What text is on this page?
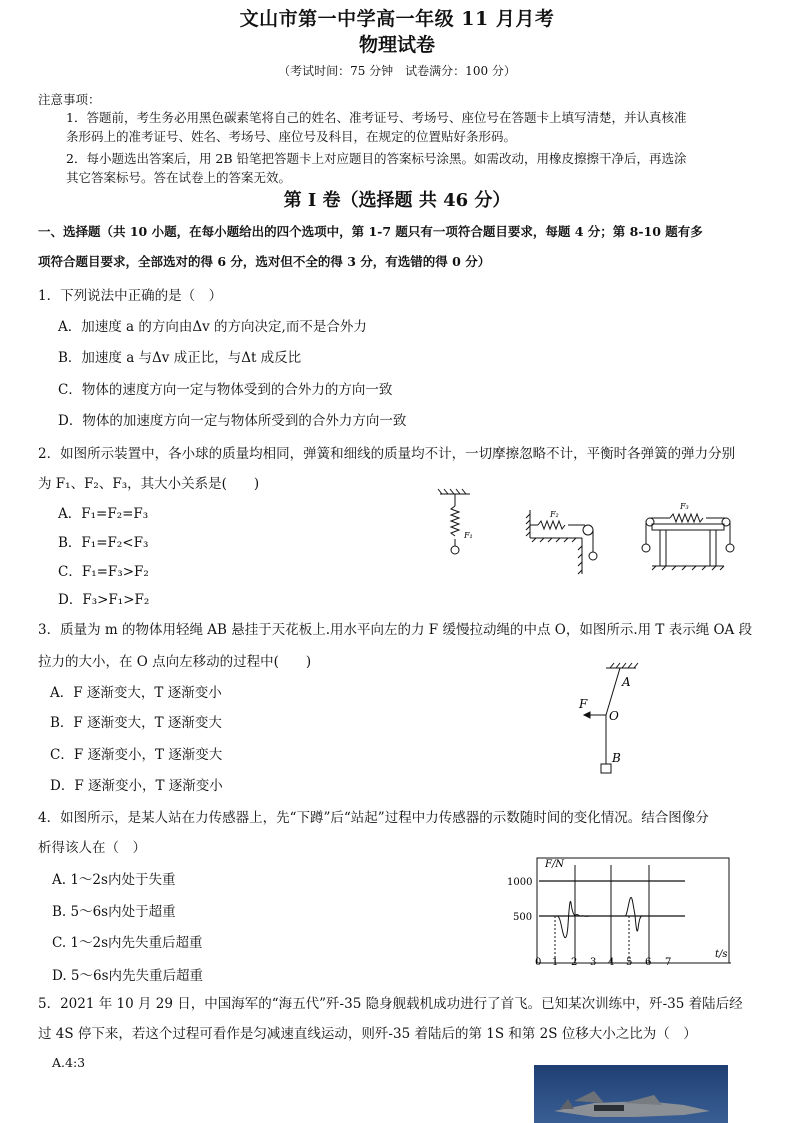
文山市第一中学高一年级 11 月月考
物理试卷
（考试时间：75 分钟　试卷满分：100 分）
注意事项：
1．答题前，考生务必用黑色碳素笔将自己的姓名、准考证号、考场号、座位号在答题卡上填写清楚，并认真核准
条形码上的准考证号、姓名、考场号、座位号及科目，在规定的位置贴好条形码。
2．每小题选出答案后，用 2B 铅笔把答题卡上对应题目的答案标号涂黑。如需改动，用橡皮擦擦干净后，再选涂
其它答案标号。答在试卷上的答案无效。
第 I 卷（选择题 共 46 分）
一、选择题（共 10 小题，在每小题给出的四个选项中，第 1-7 题只有一项符合题目要求，每题 4 分；第 8-10 题有多
项符合题目要求，全部选对的得 6 分，选对但不全的得 3 分，有选错的得 0 分）
1．下列说法中正确的是（　）
A．加速度 a 的方向由Δv 的方向决定,而不是合外力
B．加速度 a 与Δv 成正比，与Δt 成反比
C．物体的速度方向一定与物体受到的合外力的方向一致
D．物体的加速度方向一定与物体所受到的合外力方向一致
2．如图所示装置中，各小球的质量均相同，弹簧和细线的质量均不计，一切摩擦忽略不计，平衡时各弹簧的弹力分别
为 F₁、F₂、F₃，其大小关系是(　　)
A．F₁=F₂=F₃
B．F₁=F₂<F₃
C．F₁=F₃>F₂
D．F₃>F₁>F₂
F₁
F₂
F₃
3．质量为 m 的物体用轻绳 AB 悬挂于天花板上.用水平向左的力 F 缓慢拉动绳的中点 O，如图所示.用 T 表示绳 OA 段
拉力的大小，在 O 点向左移动的过程中(　　)
A．F 逐渐变大，T 逐渐变小
B．F 逐渐变大，T 逐渐变大
C．F 逐渐变小，T 逐渐变大
D．F 逐渐变小，T 逐渐变小
A
F
O
B
4．如图所示，是某人站在力传感器上，先“下蹲”后“站起”过程中力传感器的示数随时间的变化情况。结合图像分
析得该人在（　）
A. 1～2s内处于失重
B. 5～6s内处于超重
C. 1～2s内先失重后超重
D. 5～6s内先失重后超重
F/N
1000
500
t/s
0 1 2 3 4 5 6 7
5．2021 年 10 月 29 日，中国海军的“海五代”歼-35 隐身舰载机成功进行了首飞。已知某次训练中，歼-35 着陆后经
过 4S 停下来，若这个过程可看作是匀减速直线运动，则歼-35 着陆后的第 1S 和第 2S 位移大小之比为（　）
A.4:3
